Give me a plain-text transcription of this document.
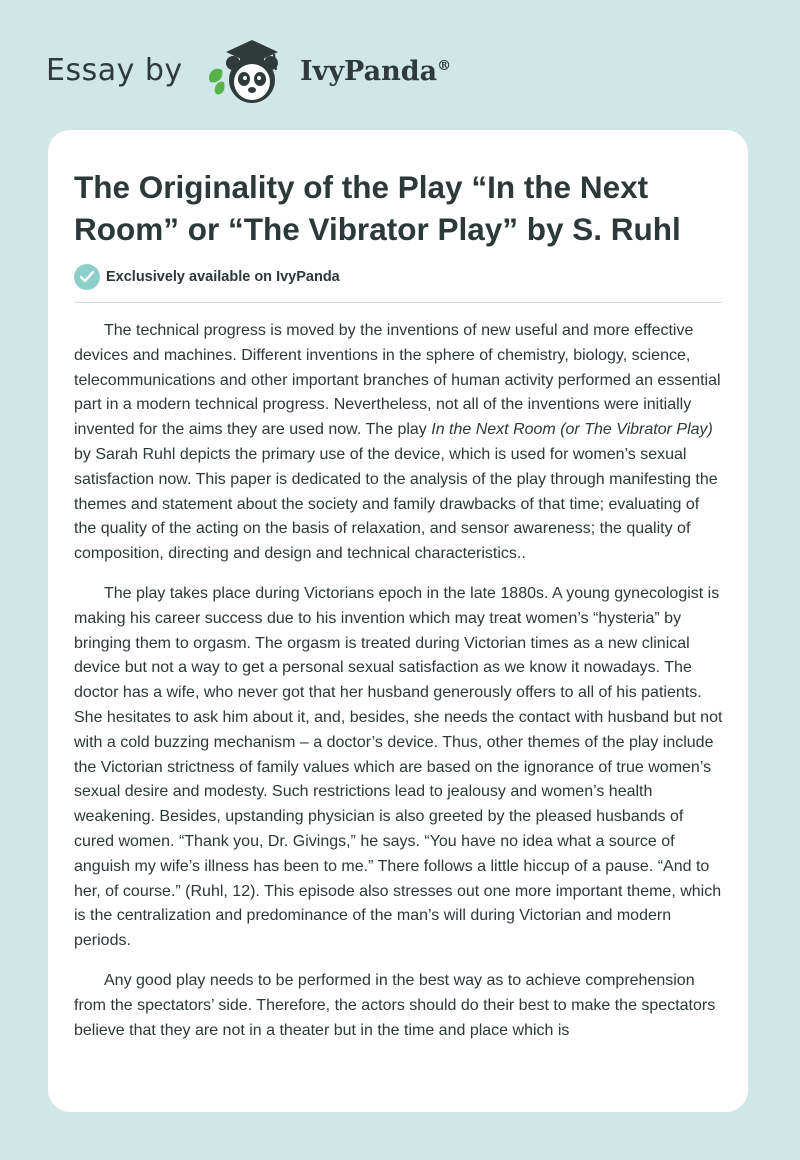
Essay by	IvyPanda®
The Originality of the Play “In the Next Room” or “The Vibrator Play” by S. Ruhl
Exclusively available on IvyPanda

The technical progress is moved by the inventions of new useful and more effective devices and machines. Different inventions in the sphere of chemistry, biology, science, telecommunications and other important branches of human activity performed an essential part in a modern technical progress. Nevertheless, not all of the inventions were initially invented for the aims they are used now. The play In the Next Room (or The Vibrator Play) by Sarah Ruhl depicts the primary use of the device, which is used for women’s sexual satisfaction now. This paper is dedicated to the analysis of the play through manifesting the themes and statement about the society and family drawbacks of that time; evaluating of the quality of the acting on the basis of relaxation, and sensor awareness; the quality of composition, directing and design and technical characteristics..

The play takes place during Victorians epoch in the late 1880s. A young gynecologist is making his career success due to his invention which may treat women’s “hysteria” by bringing them to orgasm. The orgasm is treated during Victorian times as a new clinical device but not a way to get a personal sexual satisfaction as we know it nowadays. The doctor has a wife, who never got that her husband generously offers to all of his patients. She hesitates to ask him about it, and, besides, she needs the contact with husband but not with a cold buzzing mechanism – a doctor’s device. Thus, other themes of the play include the Victorian strictness of family values which are based on the ignorance of true women’s sexual desire and modesty. Such restrictions lead to jealousy and women’s health weakening. Besides, upstanding physician is also greeted by the pleased husbands of cured women. “Thank you, Dr. Givings,” he says. “You have no idea what a source of anguish my wife’s illness has been to me.” There follows a little hiccup of a pause. “And to her, of course.” (Ruhl, 12). This episode also stresses out one more important theme, which is the centralization and predominance of the man’s will during Victorian and modern periods.

Any good play needs to be performed in the best way as to achieve comprehension from the spectators’ side. Therefore, the actors should do their best to make the spectators believe that they are not in a theater but in the time and place which is
